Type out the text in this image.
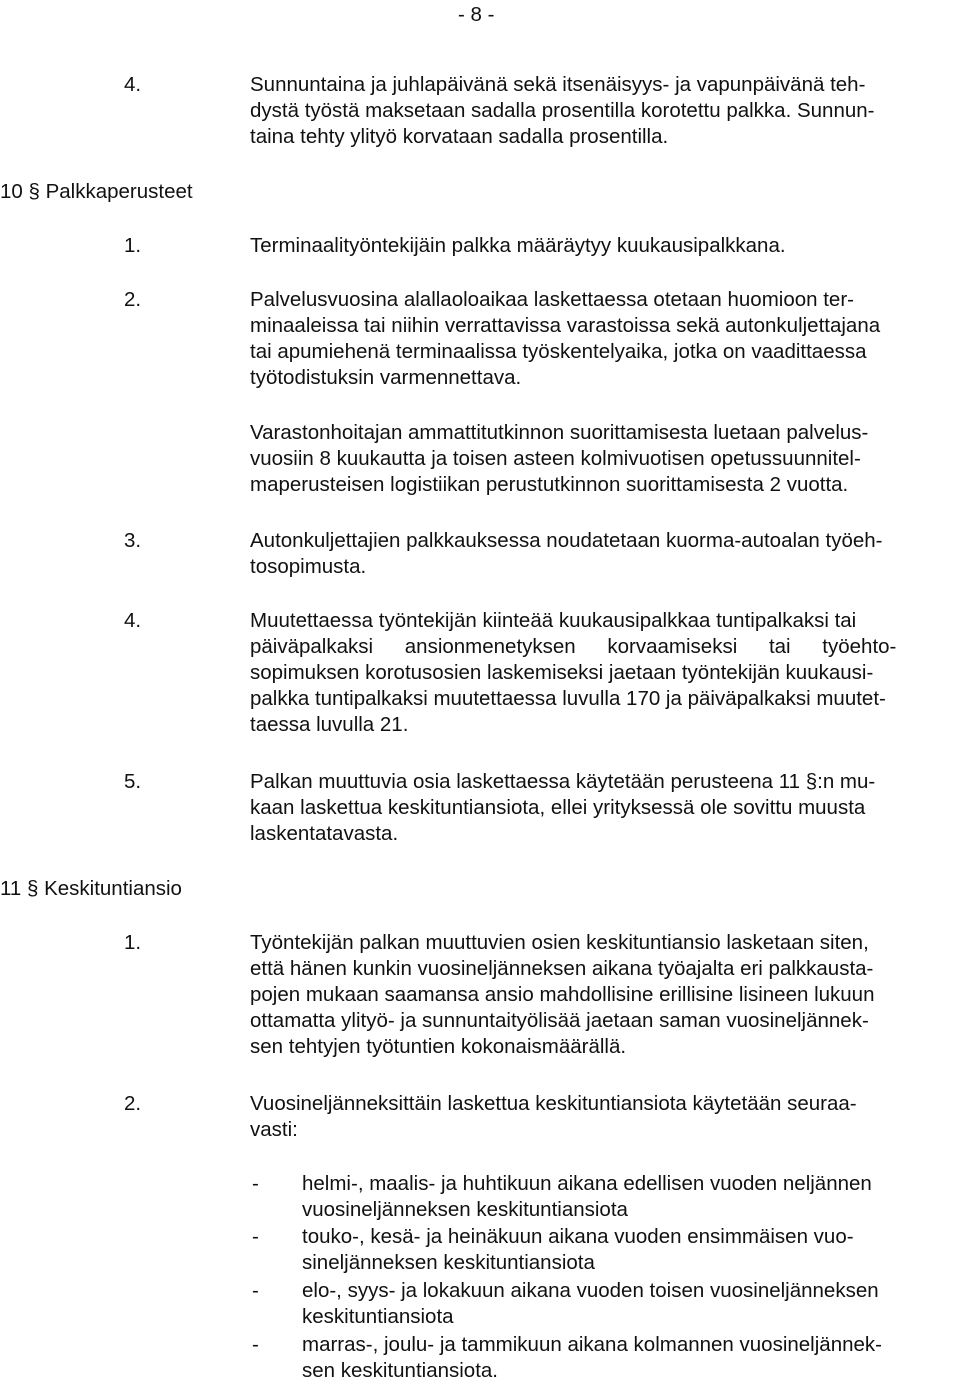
- 8 -
4.	Sunnuntaina ja juhlapäivänä sekä itsenäisyys- ja vapunpäivänä teh-
dystä työstä maksetaan sadalla prosentilla korotettu palkka. Sunnun-
taina tehty ylityö korvataan sadalla prosentilla.
10 § Palkkaperusteet
1.	Terminaalityöntekijäin palkka määräytyy kuukausipalkkana.
2.	Palvelusvuosina alallaoloaikaa laskettaessa otetaan huomioon ter-
minaaleissa tai niihin verrattavissa varastoissa sekä autonkuljettajana
tai apumiehenä terminaalissa työskentelyaika, jotka on vaadittaessa
työtodistuksin varmennettava.
Varastonhoitajan ammattitutkinnon suorittamisesta luetaan palvelus-
vuosiin 8 kuukautta ja toisen asteen kolmivuotisen opetussuunnitel-
maperusteisen logistiikan perustutkinnon suorittamisesta 2 vuotta.
3.	Autonkuljettajien palkkauksessa noudatetaan kuorma-autoalan työeh-
tosopimusta.
4.	Muutettaessa työntekijän kiinteää kuukausipalkkaa tuntipalkaksi tai
päiväpalkaksi ansionmenetyksen korvaamiseksi tai työehto-
sopimuksen korotusosien laskemiseksi jaetaan työntekijän kuukausi-
palkka tuntipalkaksi muutettaessa luvulla 170 ja päiväpalkaksi muutet-
taessa luvulla 21.
5.	Palkan muuttuvia osia laskettaessa käytetään perusteena 11 §:n mu-
kaan laskettua keskituntiansiota, ellei yrityksessä ole sovittu muusta
laskentatavasta.
11 § Keskituntiansio
1.	Työntekijän palkan muuttuvien osien keskituntiansio lasketaan siten,
että hänen kunkin vuosineljänneksen aikana työajalta eri palkkausta-
pojen mukaan saamansa ansio mahdollisine erillisine lisineen lukuun
ottamatta ylityö- ja sunnuntaityölisää jaetaan saman vuosineljännek-
sen tehtyjen työtuntien kokonaismäärällä.
2.	Vuosineljänneksittäin laskettua keskituntiansiota käytetään seuraa-
vasti:
- helmi-, maalis- ja huhtikuun aikana edellisen vuoden neljännen
vuosineljänneksen keskituntiansiota
- touko-, kesä- ja heinäkuun aikana vuoden ensimmäisen vuo-
sineljänneksen keskituntiansiota
- elo-, syys- ja lokakuun aikana vuoden toisen vuosineljänneksen
keskituntiansiota
- marras-, joulu- ja tammikuun aikana kolmannen vuosineljännek-
sen keskituntiansiota.
